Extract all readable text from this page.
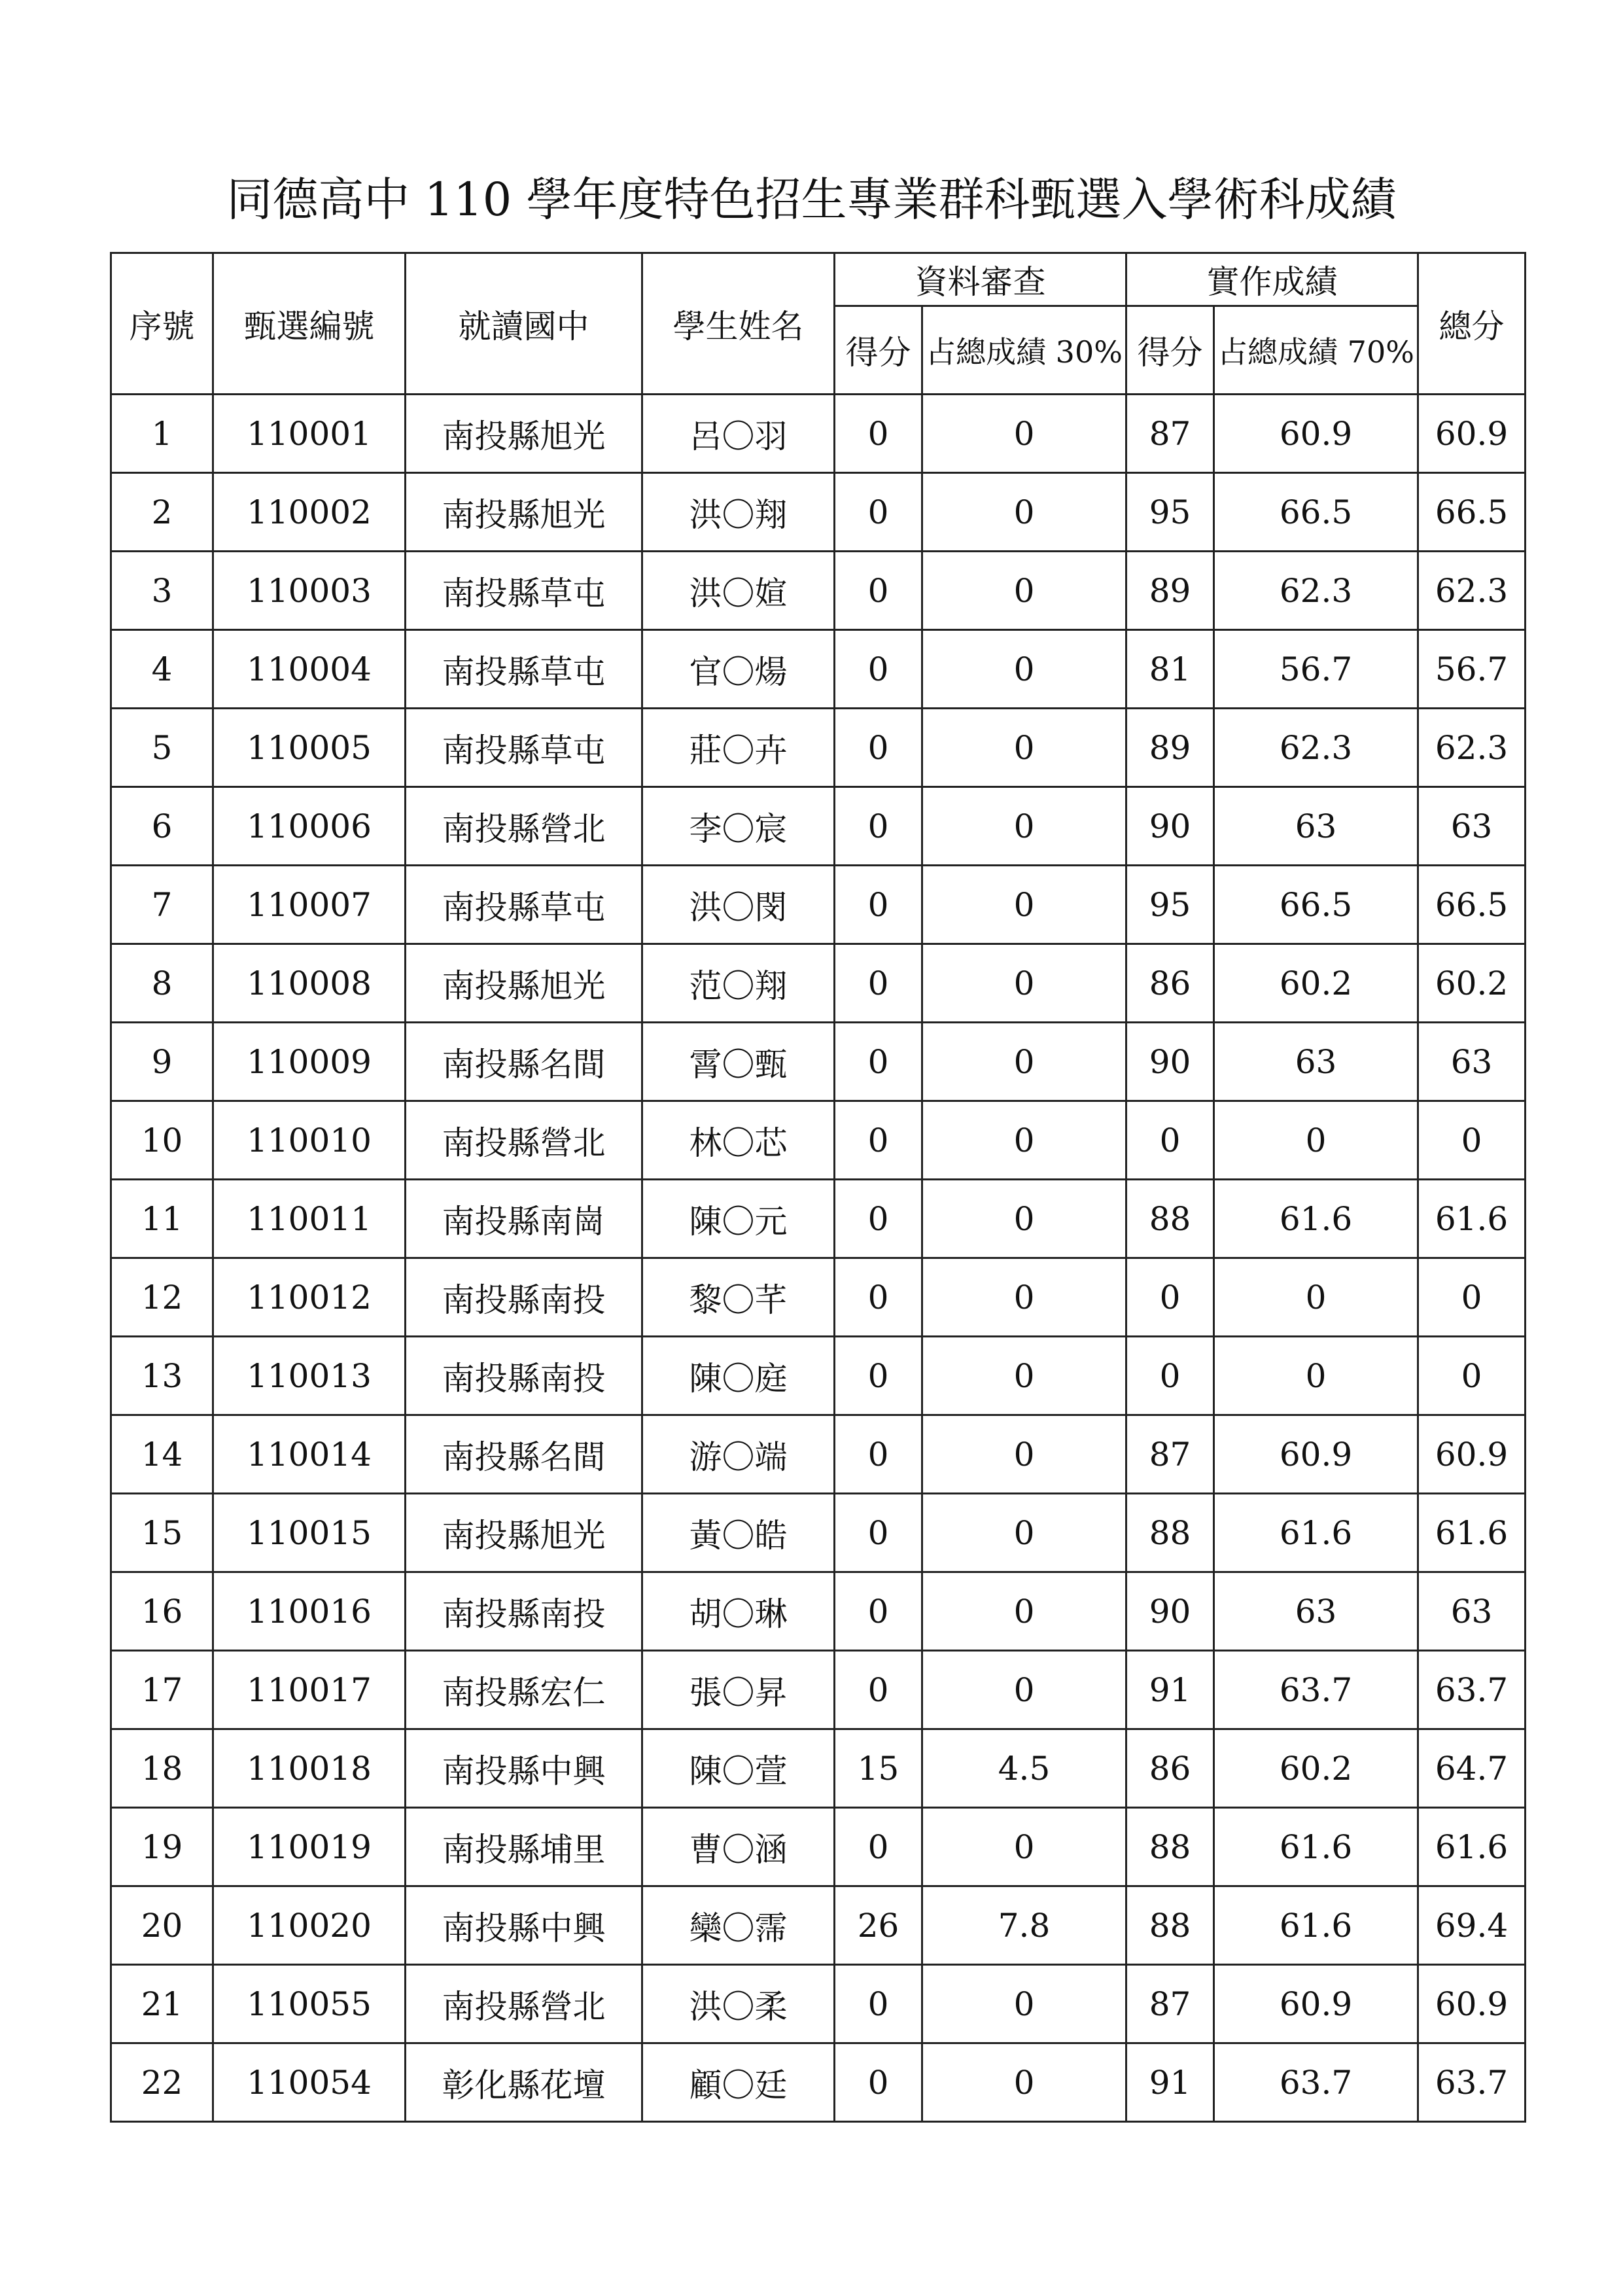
同德高中 110 學年度特色招生專業群科甄選入學術科成績
序號	甄選編號	就讀國中	學生姓名	資料審查		實作成績		總分
				得分	占總成績 30%	得分	占總成績 70%	
1	110001	南投縣旭光	呂〇羽	0	0	87	60.9	60.9
2	110002	南投縣旭光	洪〇翔	0	0	95	66.5	66.5
3	110003	南投縣草屯	洪〇媗	0	0	89	62.3	62.3
4	110004	南投縣草屯	官〇煬	0	0	81	56.7	56.7
5	110005	南投縣草屯	莊〇卉	0	0	89	62.3	62.3
6	110006	南投縣營北	李〇宸	0	0	90	63	63
7	110007	南投縣草屯	洪〇閔	0	0	95	66.5	66.5
8	110008	南投縣旭光	范〇翔	0	0	86	60.2	60.2
9	110009	南投縣名間	霄〇甄	0	0	90	63	63
10	110010	南投縣營北	林〇芯	0	0	0	0	0
11	110011	南投縣南崗	陳〇元	0	0	88	61.6	61.6
12	110012	南投縣南投	黎〇芊	0	0	0	0	0
13	110013	南投縣南投	陳〇庭	0	0	0	0	0
14	110014	南投縣名間	游〇端	0	0	87	60.9	60.9
15	110015	南投縣旭光	黃〇皓	0	0	88	61.6	61.6
16	110016	南投縣南投	胡〇琳	0	0	90	63	63
17	110017	南投縣宏仁	張〇昇	0	0	91	63.7	63.7
18	110018	南投縣中興	陳〇萱	15	4.5	86	60.2	64.7
19	110019	南投縣埔里	曹〇涵	0	0	88	61.6	61.6
20	110020	南投縣中興	欒〇霈	26	7.8	88	61.6	69.4
21	110055	南投縣營北	洪〇柔	0	0	87	60.9	60.9
22	110054	彰化縣花壇	顧〇廷	0	0	91	63.7	63.7
